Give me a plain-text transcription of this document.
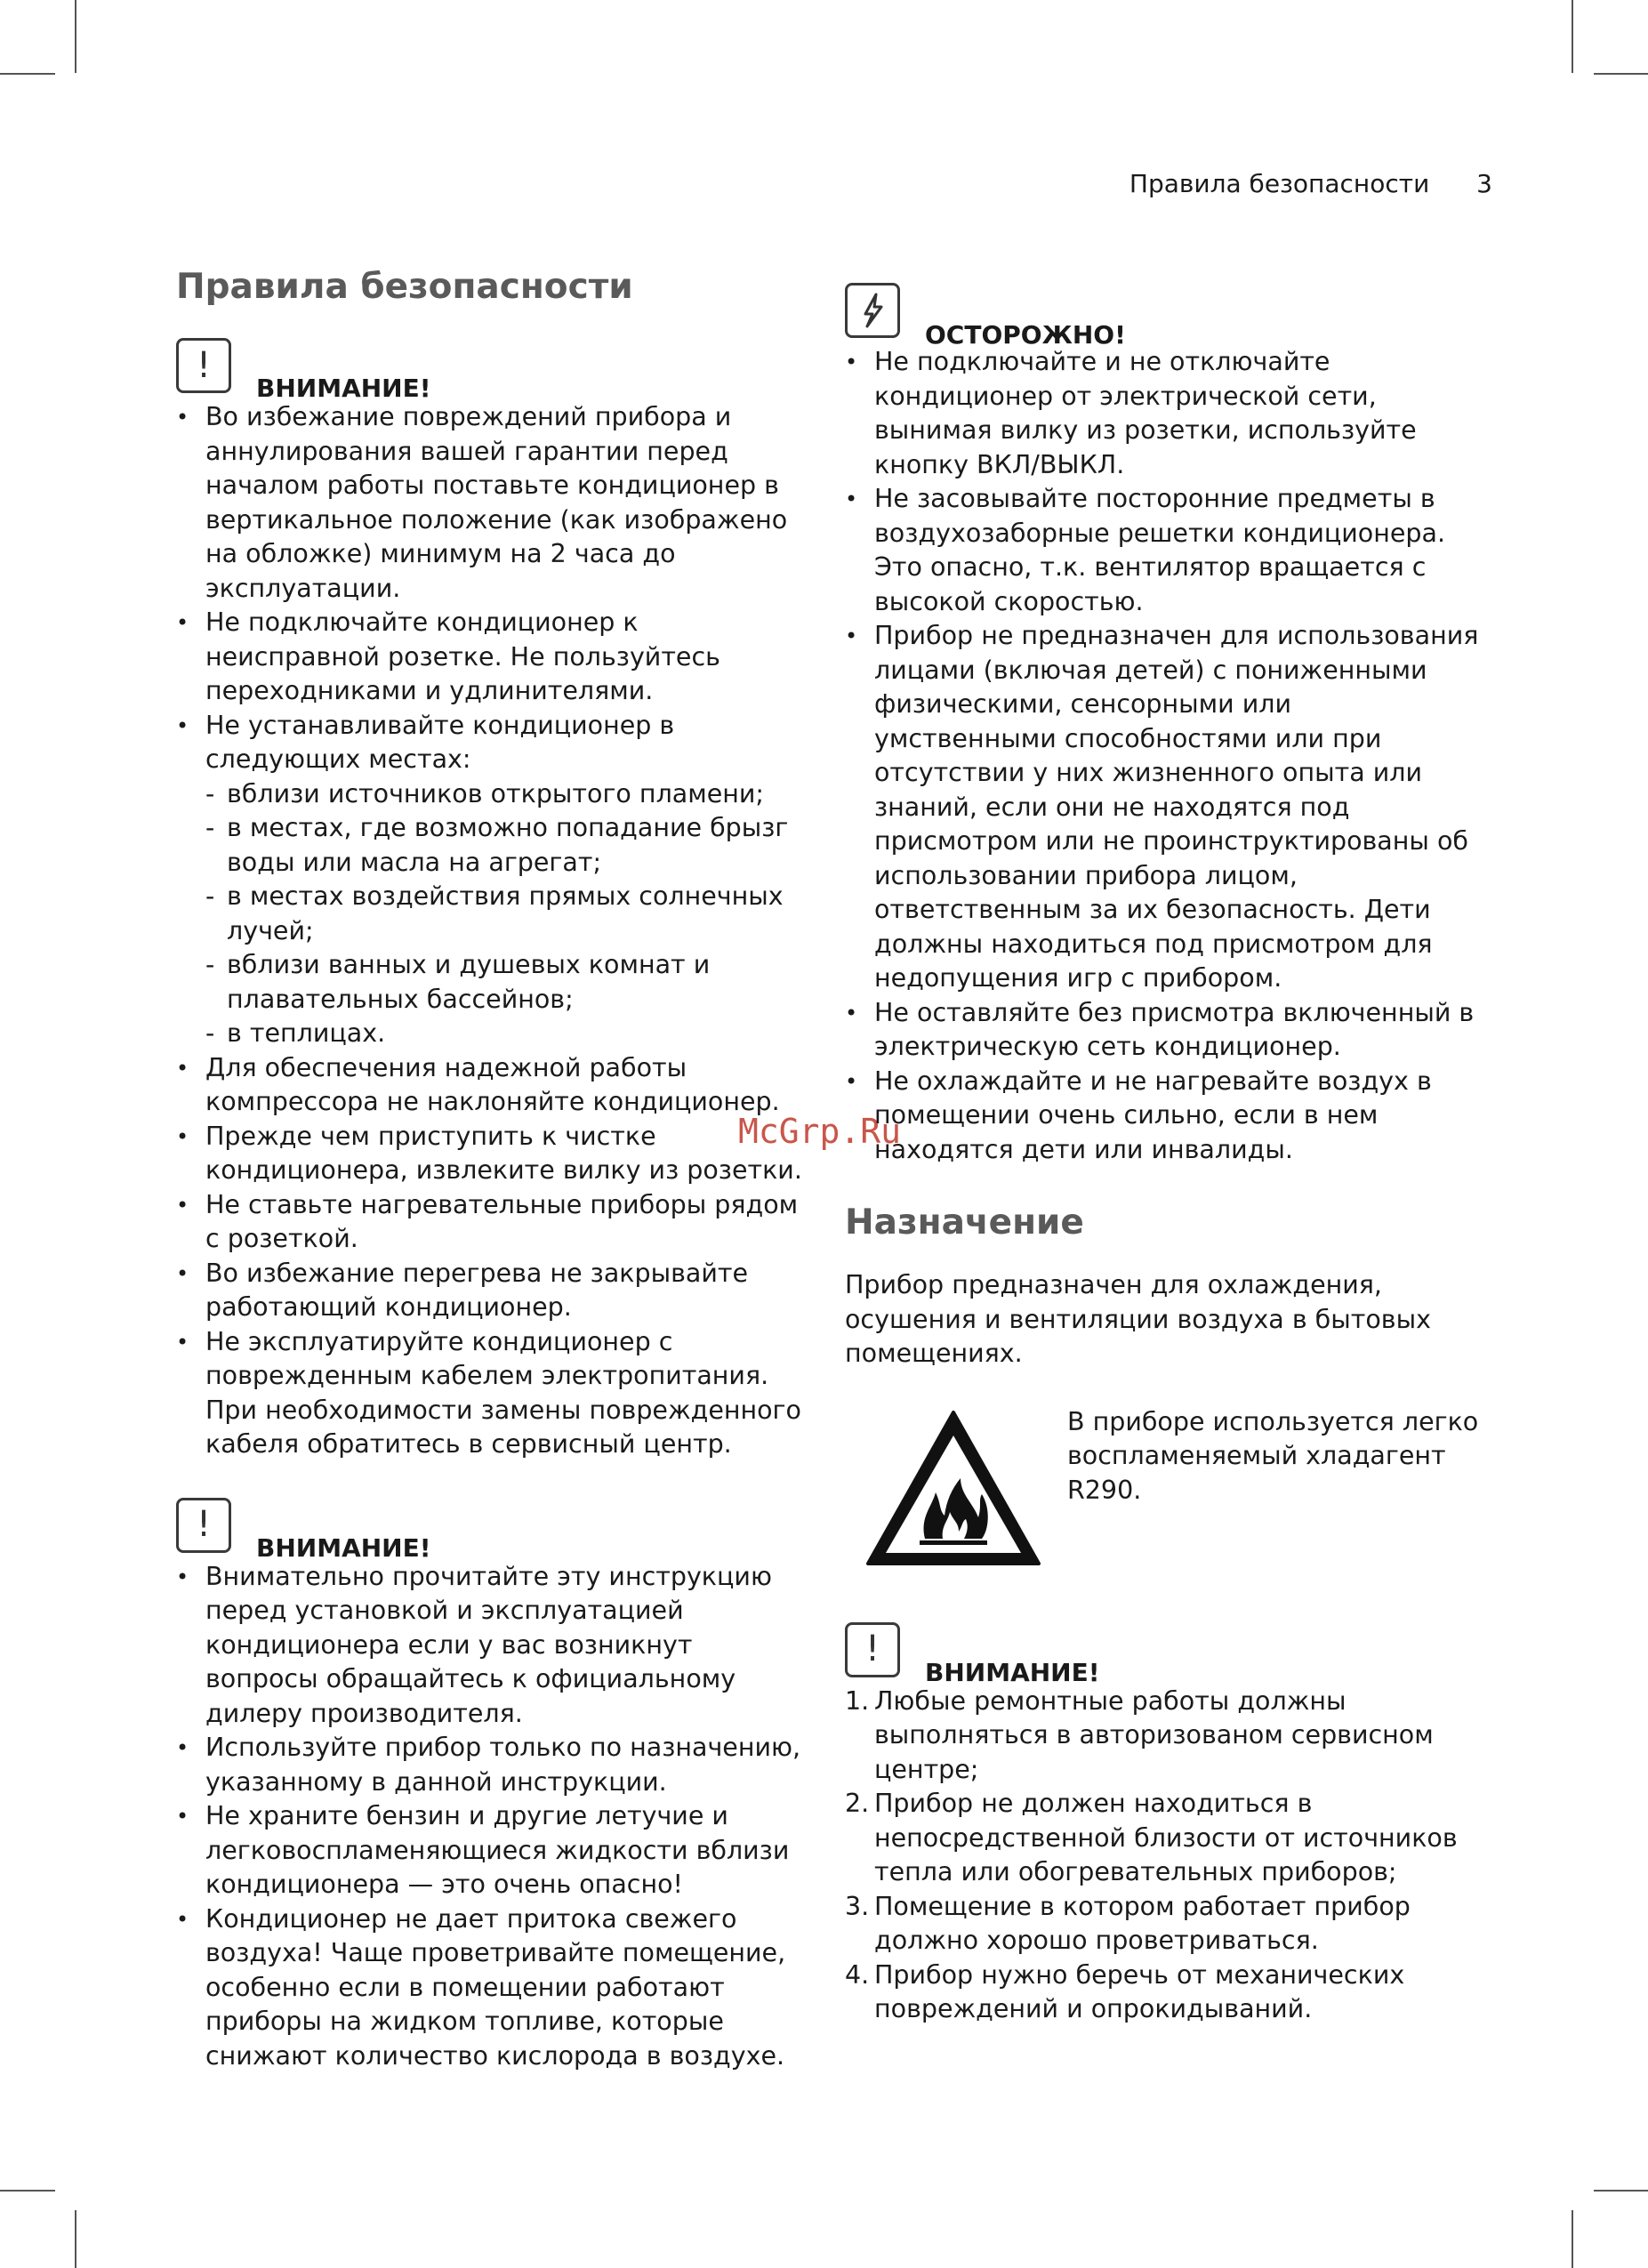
Правила безопасности 3
McGrp.Ru
Правила безопасности
!
ВНИМАНИЕ!
• Во избежание повреждений прибора и аннулирования вашей гарантии перед началом работы поставьте кондиционер в вертикальное положение (как изображено на обложке) минимум на 2 часа до эксплуатации.
• Не подключайте кондиционер к неисправной розетке. Не пользуйтесь переходниками и удлинителями.
• Не устанавливайте кондиционер в следующих местах:
- вблизи источников открытого пламени;
- в местах, где возможно попадание брызг воды или масла на агрегат;
- в местах воздействия прямых солнечных лучей;
- вблизи ванных и душевых комнат и плавательных бассейнов;
- в теплицах.
• Для обеспечения надежной работы компрессора не наклоняйте кондиционер.
• Прежде чем приступить к чистке кондиционера, извлеките вилку из розетки.
• Не ставьте нагревательные приборы рядом с розеткой.
• Во избежание перегрева не закрывайте работающий кондиционер.
• Не эксплуатируйте кондиционер с поврежденным кабелем электропитания. При необходимости замены поврежденного кабеля обратитесь в сервисный центр.
!
ВНИМАНИЕ!
• Внимательно прочитайте эту инструкцию перед установкой и эксплуатацией кондиционера если у вас возникнут вопросы обращайтесь к официальному дилеру производителя.
• Используйте прибор только по назначению, указанному в данной инструкции.
• Не храните бензин и другие летучие и легковоспламеняющиеся жидкости вблизи кондиционера — это очень опасно!
• Кондиционер не дает притока свежего воздуха! Чаще проветривайте помещение, особенно если в помещении работают приборы на жидком топливе, которые снижают количество кислорода в воздухе.
ОСТОРОЖНО!
• Не подключайте и не отключайте кондиционер от электрической сети, вынимая вилку из розетки, используйте кнопку ВКЛ/ВЫКЛ.
• Не засовывайте посторонние предметы в воздухозаборные решетки кондиционера. Это опасно, т.к. вентилятор вращается с высокой скоростью.
• Прибор не предназначен для использования лицами (включая детей) с пониженными физическими, сенсорными или умственными способностями или при отсутствии у них жизненного опыта или знаний, если они не находятся под присмотром или не проинструктированы об использовании прибора лицом, ответственным за их безопасность. Дети должны находиться под присмотром для недопущения игр с прибором.
• Не оставляйте без присмотра включенный в электрическую сеть кондиционер.
• Не охлаждайте и не нагревайте воздух в помещении очень сильно, если в нем находятся дети или инвалиды.
Назначение

Прибор предназначен для охлаждения, осушения и вентиляции воздуха в бытовых помещениях.

В приборе используется легко воспламеняемый хладагент R290.
!
ВНИМАНИЕ!
1. Любые ремонтные работы должны выполняться в авторизованом сервисном центре;
2. Прибор не должен находиться в непосредственной близости от источников тепла или обогревательных приборов;
3. Помещение в котором работает прибор должно хорошо проветриваться.
4. Прибор нужно беречь от механических повреждений и опрокидываний.
